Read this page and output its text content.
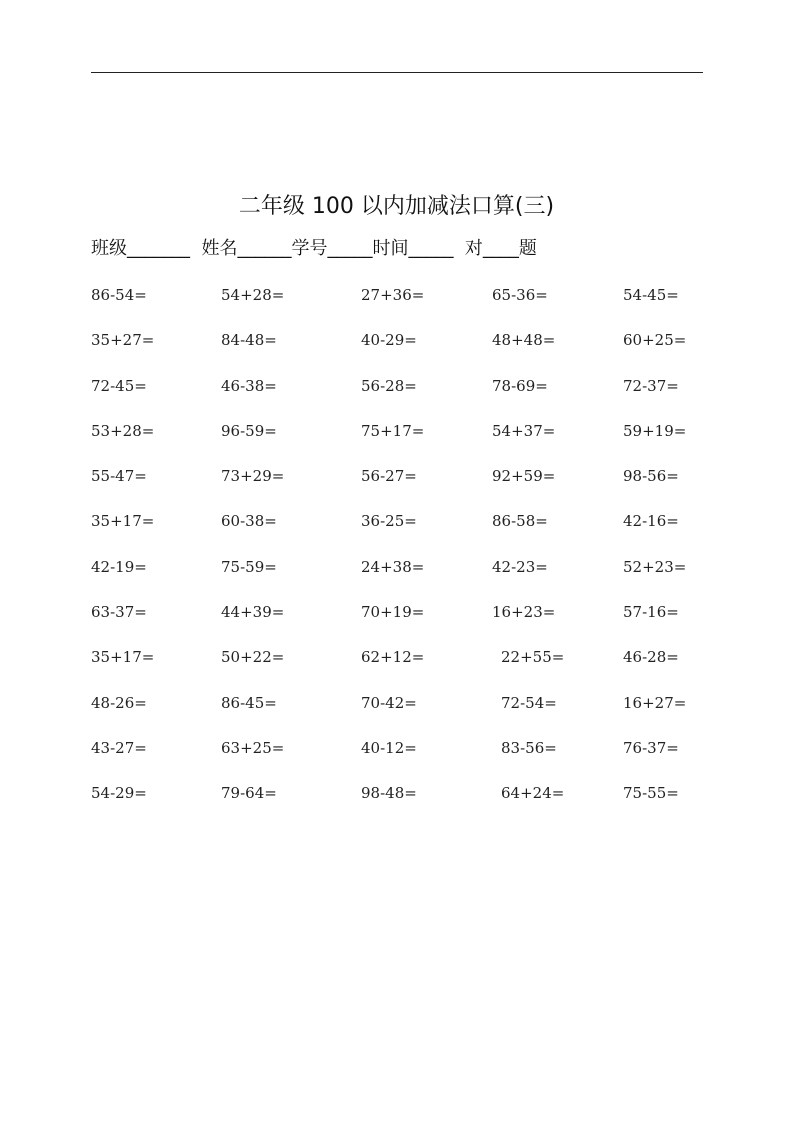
二年级 100 以内加减法口算(三)
班级_______  姓名______学号_____时间_____  对____题
86-54=	54+28=	27+36=	65-36=	54-45=
35+27=	84-48=	40-29=	48+48=	60+25=
72-45=	46-38=	56-28=	78-69=	72-37=
53+28=	96-59=	75+17=	54+37=	59+19=
55-47=	73+29=	56-27=	92+59=	98-56=
35+17=	60-38=	36-25=	86-58=	42-16=
42-19=	75-59=	24+38=	42-23=	52+23=
63-37=	44+39=	70+19=	16+23=	57-16=
35+17=	50+22=	62+12=	22+55=	46-28=
48-26=	86-45=	70-42=	72-54=	16+27=
43-27=	63+25=	40-12=	83-56=	76-37=
54-29=	79-64=	98-48=	64+24=	75-55=
